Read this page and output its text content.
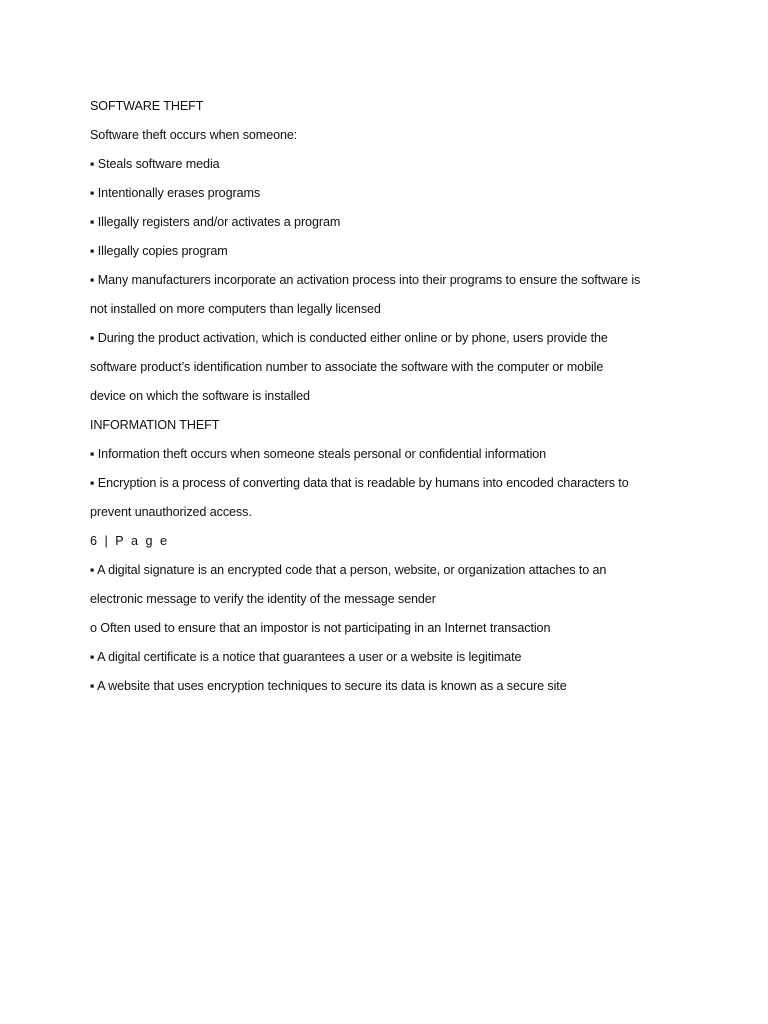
SOFTWARE THEFT
Software theft occurs when someone:
▪ Steals software media
▪ Intentionally erases programs
▪ Illegally registers and/or activates a program
▪ Illegally copies program
▪ Many manufacturers incorporate an activation process into their programs to ensure the software is
not installed on more computers than legally licensed
▪ During the product activation, which is conducted either online or by phone, users provide the
software product’s identification number to associate the software with the computer or mobile
device on which the software is installed
INFORMATION THEFT
▪ Information theft occurs when someone steals personal or confidential information
▪ Encryption is a process of converting data that is readable by humans into encoded characters to
prevent unauthorized access.
6 | P a g e
▪ A digital signature is an encrypted code that a person, website, or organization attaches to an
electronic message to verify the identity of the message sender
o Often used to ensure that an impostor is not participating in an Internet transaction
▪ A digital certificate is a notice that guarantees a user or a website is legitimate
▪ A website that uses encryption techniques to secure its data is known as a secure site
